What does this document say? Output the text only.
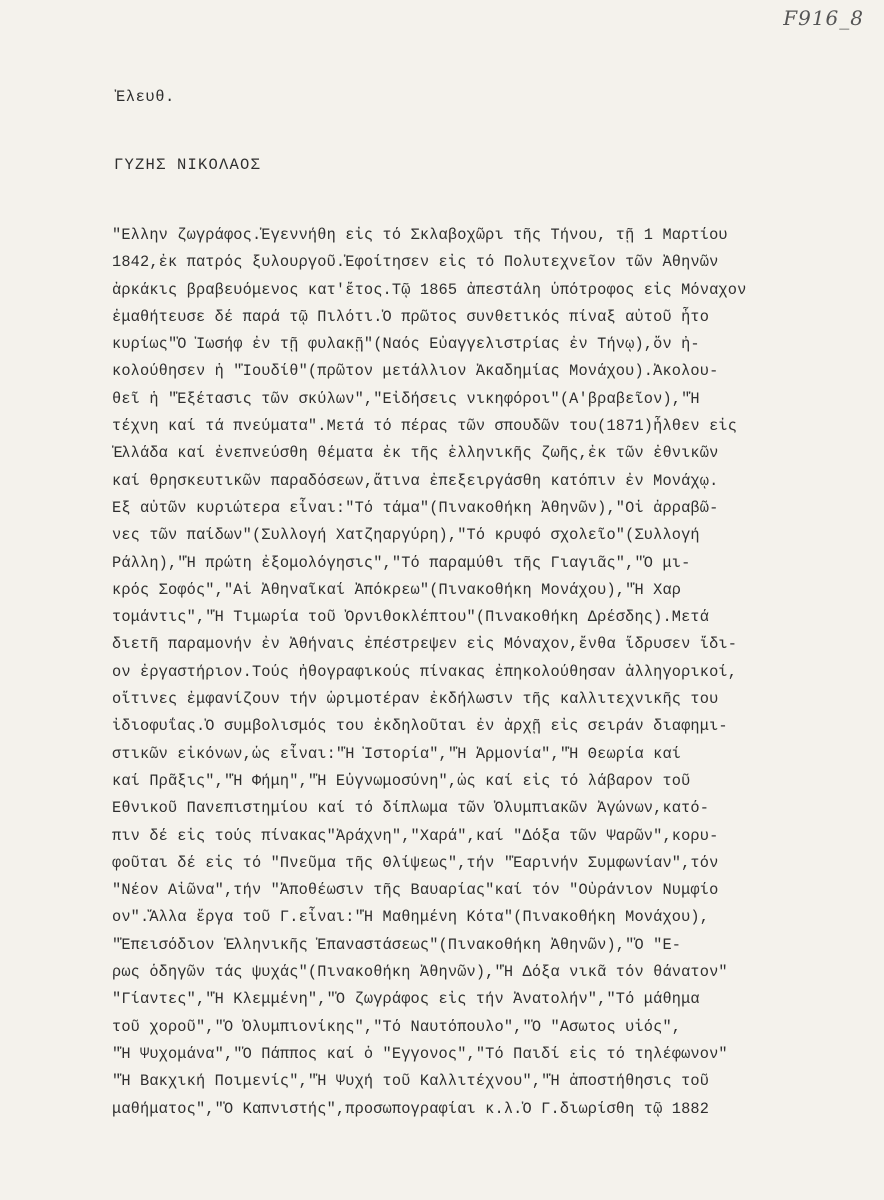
F916_8
Ἐλευθ.
ΓΥΖΗΣ ΝΙΚΟΛΑΟΣ
"Ελλην ζωγράφος.Ἐγεννήθη εἰς τό Σκλαβοχῶρι τῆς Τήνου, τῇ 1 Μαρτίου
1842,ἐκ πατρός ξυλουργοῦ.Ἐφοίτησεν εἰς τό Πολυτεχνεῖον τῶν Ἀθηνῶν
ἀρκάκις βραβευόμενος κατ'ἔτος.Τῷ 1865 ἀπεστάλη ὑπότροφος εἰς Μόναχον
ἐμαθήτευσε δέ παρά τῷ Πιλότι.Ὁ πρῶτος συνθετικός πίναξ αὐτοῦ ἦτο
κυρίως"Ὁ Ἰωσήφ ἐν τῇ φυλακῇ"(Ναός Εὐαγγελιστρίας ἐν Τήνῳ),ὅν ἠ-
κολούθησεν ἡ "Ἰουδίθ"(πρῶτον μετάλλιον Ἀκαδημίας Μονάχου).Ἀκολου-
θεῖ ἡ "Ἐξέτασις τῶν σκύλων","Εἰδήσεις νικηφόροι"(Α'βραβεῖον),"Ἡ
τέχνη καί τά πνεύματα".Μετά τό πέρας τῶν σπουδῶν του(1871)ἦλθεν εἰς
Ἑλλάδα καί ἐνεπνεύσθη θέματα ἐκ τῆς ἑλληνικῆς ζωῆς,ἐκ τῶν ἐθνικῶν
καί θρησκευτικῶν παραδόσεων,ἅτινα ἐπεξειργάσθη κατόπιν ἐν Μονάχῳ.
Ἐξ αὐτῶν κυριώτερα εἶναι:"Τό τάμα"(Πινακοθήκη Ἀθηνῶν),"Οἱ ἀρραβῶ-
νες τῶν παίδων"(Συλλογή Χατζηαργύρη),"Τό κρυφό σχολεῖο"(Συλλογή
Ράλλη),"Ἡ πρώτη ἐξομολόγησις","Τό παραμύθι τῆς Γιαγιᾶς","Ὁ μι-
κρός Σοφός","Αἱ Ἀθηναῖκαί Ἀπόκρεω"(Πινακοθήκη Μονάχου),"Ἡ Χαρ
τομάντις","Ἡ Τιμωρία τοῦ Ὀρνιθοκλέπτου"(Πινακοθήκη Δρέσδης).Μετά
διετῆ παραμονήν ἐν Ἀθήναις ἐπέστρεψεν εἰς Μόναχον,ἔνθα ἵδρυσεν ἴδι-
ον ἐργαστήριον.Τούς ἠθογραφικούς πίνακας ἐπηκολούθησαν ἀλληγορικοί,
οἵτινες ἐμφανίζουν τήν ὡριμοτέραν ἐκδήλωσιν τῆς καλλιτεχνικῆς του
ἰδιοφυΐας.Ὁ συμβολισμός του ἐκδηλοῦται ἐν ἀρχῇ εἰς σειράν διαφημι-
στικῶν εἰκόνων,ὡς εἶναι:"Ἡ Ἱστορία","Ἡ Ἁρμονία","Ἡ Θεωρία καί
καί Πρᾶξις","Ἡ Φήμη","Ἡ Εὐγνωμοσύνη",ὡς καί εἰς τό λάβαρον τοῦ
Ἐθνικοῦ Πανεπιστημίου καί τό δίπλωμα τῶν Ὀλυμπιακῶν Ἀγώνων,κατό-
πιν δέ εἰς τούς πίνακας"Ἀράχνη","Χαρά",καί "Δόξα τῶν Ψαρῶν",κορυ-
φοῦται δέ εἰς τό "Πνεῦμα τῆς Θλίψεως",τήν "Ἐαρινήν Συμφωνίαν",τόν
"Νέον Αἰῶνα",τήν "Ἀποθέωσιν τῆς Βαυαρίας"καί τόν "Οὐράνιον Νυμφίο
ον".Ἄλλα ἔργα τοῦ Γ.εἶναι:"Ἡ Μαθημένη Κότα"(Πινακοθήκη Μονάχου),
"Ἐπεισόδιον Ἑλληνικῆς Ἐπαναστάσεως"(Πινακοθήκη Ἀθηνῶν),"Ὁ "Ε-
ρως ὁδηγῶν τάς ψυχάς"(Πινακοθήκη Ἀθηνῶν),"Ἡ Δόξα νικᾶ τόν θάνατον"
"Γίαντες","Ἡ Κλεμμένη","Ὁ ζωγράφος εἰς τήν Ἀνατολήν","Τό μάθημα
τοῦ χοροῦ","Ὁ Ὀλυμπιονίκης","Τό Ναυτόπουλο","Ὁ "Ασωτος υἱός",
"Ἡ Ψυχομάνα","Ὁ Πάππος καί ὁ "Εγγονος","Τό Παιδί εἰς τό τηλέφωνον"
"Ἡ Βακχική Ποιμενίς","Ἡ Ψυχή τοῦ Καλλιτέχνου","Ἡ ἀποστήθησις τοῦ
μαθήματος","Ὁ Καπνιστής",προσωπογραφίαι κ.λ.Ὁ Γ.διωρίσθη τῷ 1882
